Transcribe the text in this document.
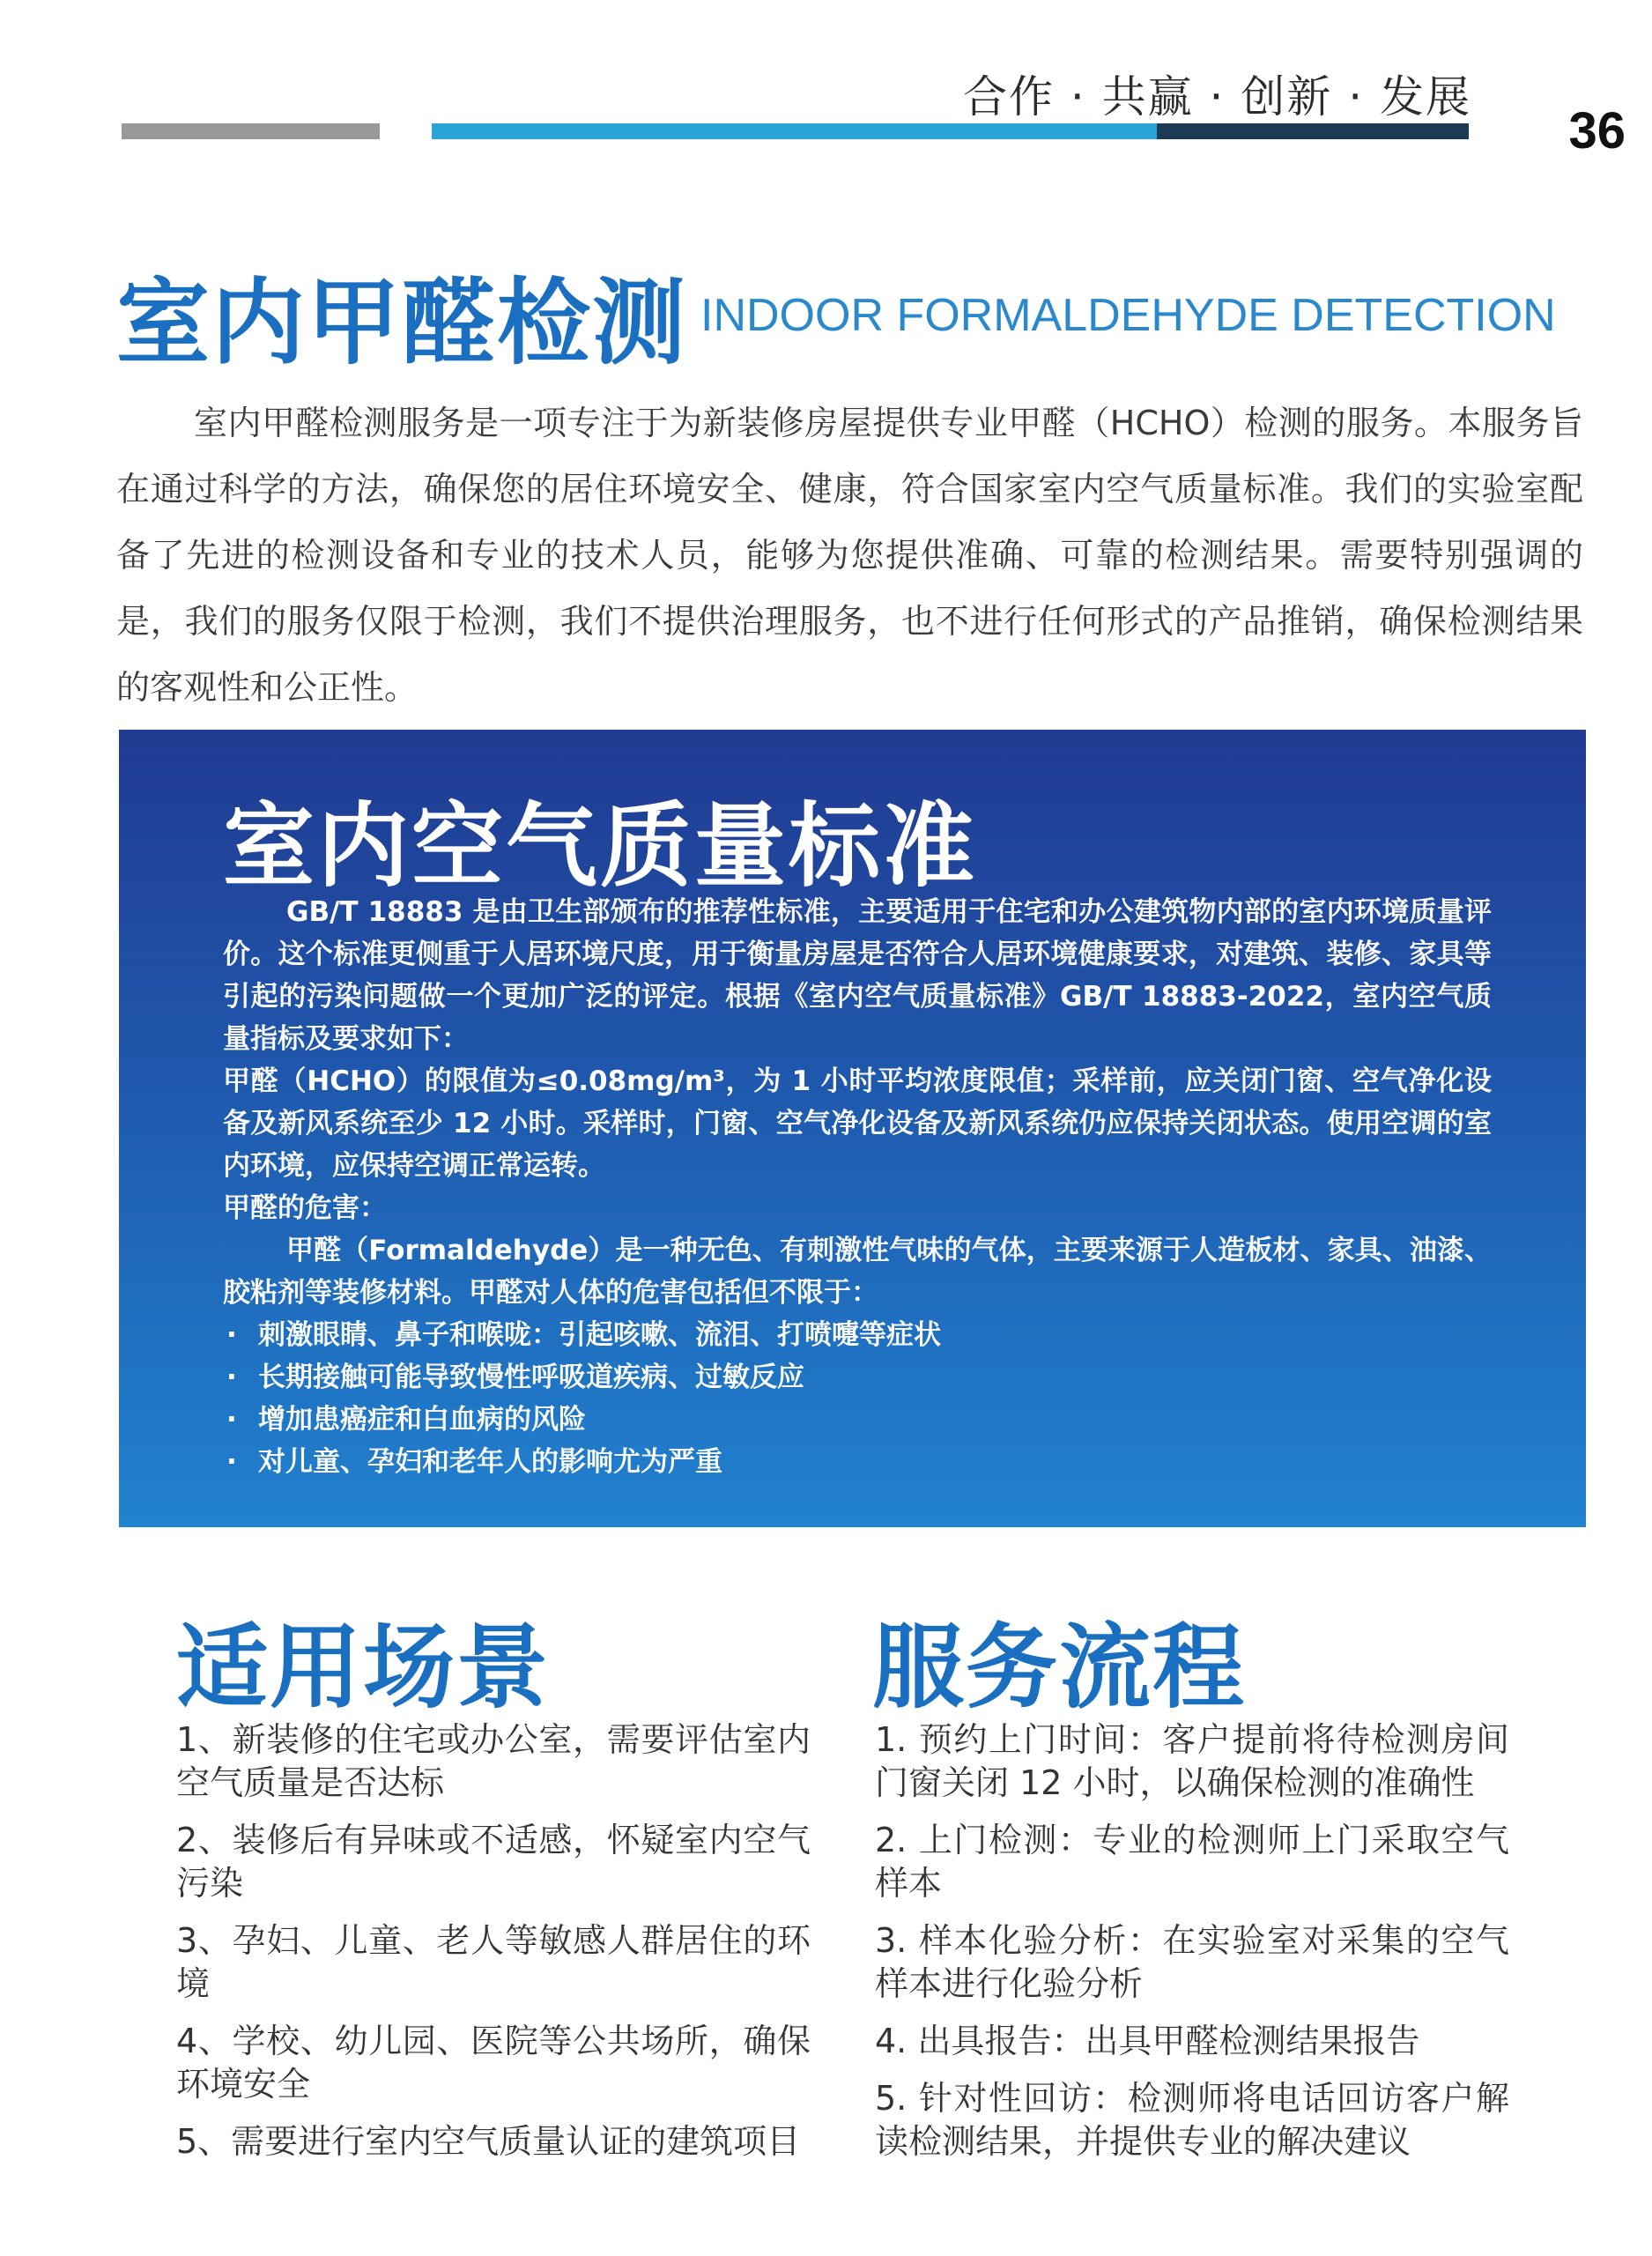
合作 · 共赢 · 创新 · 发展
36
室内甲醛检测 INDOOR FORMALDEHYDE DETECTION

室内甲醛检测服务是一项专注于为新装修房屋提供专业甲醛（HCHO）检测的服务。本服务旨在通过科学的方法，确保您的居住环境安全、健康，符合国家室内空气质量标准。我们的实验室配备了先进的检测设备和专业的技术人员，能够为您提供准确、可靠的检测结果。需要特别强调的是，我们的服务仅限于检测，我们不提供治理服务，也不进行任何形式的产品推销，确保检测结果的客观性和公正性。

室内空气质量标准

GB/T 18883 是由卫生部颁布的推荐性标准，主要适用于住宅和办公建筑物内部的室内环境质量评价。这个标准更侧重于人居环境尺度，用于衡量房屋是否符合人居环境健康要求，对建筑、装修、家具等引起的污染问题做一个更加广泛的评定。根据《室内空气质量标准》GB/T 18883-2022，室内空气质量指标及要求如下：

甲醛（HCHO）的限值为≤0.08mg/m³，为 1 小时平均浓度限值；采样前，应关闭门窗、空气净化设备及新风系统至少 12 小时。采样时，门窗、空气净化设备及新风系统仍应保持关闭状态。使用空调的室内环境，应保持空调正常运转。

甲醛的危害：

甲醛（Formaldehyde）是一种无色、有刺激性气味的气体，主要来源于人造板材、家具、油漆、胶粘剂等装修材料。甲醛对人体的危害包括但不限于：

· 刺激眼睛、鼻子和喉咙：引起咳嗽、流泪、打喷嚏等症状

· 长期接触可能导致慢性呼吸道疾病、过敏反应

· 增加患癌症和白血病的风险

· 对儿童、孕妇和老年人的影响尤为严重

适用场景
1、新装修的住宅或办公室，需要评估室内空气质量是否达标
2、装修后有异味或不适感，怀疑室内空气污染
3、孕妇、儿童、老人等敏感人群居住的环境
4、学校、幼儿园、医院等公共场所，确保环境安全
5、需要进行室内空气质量认证的建筑项目
服务流程
1. 预约上门时间：客户提前将待检测房间门窗关闭 12 小时，以确保检测的准确性
2. 上门检测：专业的检测师上门采取空气样本
3. 样本化验分析：在实验室对采集的空气样本进行化验分析
4. 出具报告：出具甲醛检测结果报告
5. 针对性回访：检测师将电话回访客户解读检测结果，并提供专业的解决建议
